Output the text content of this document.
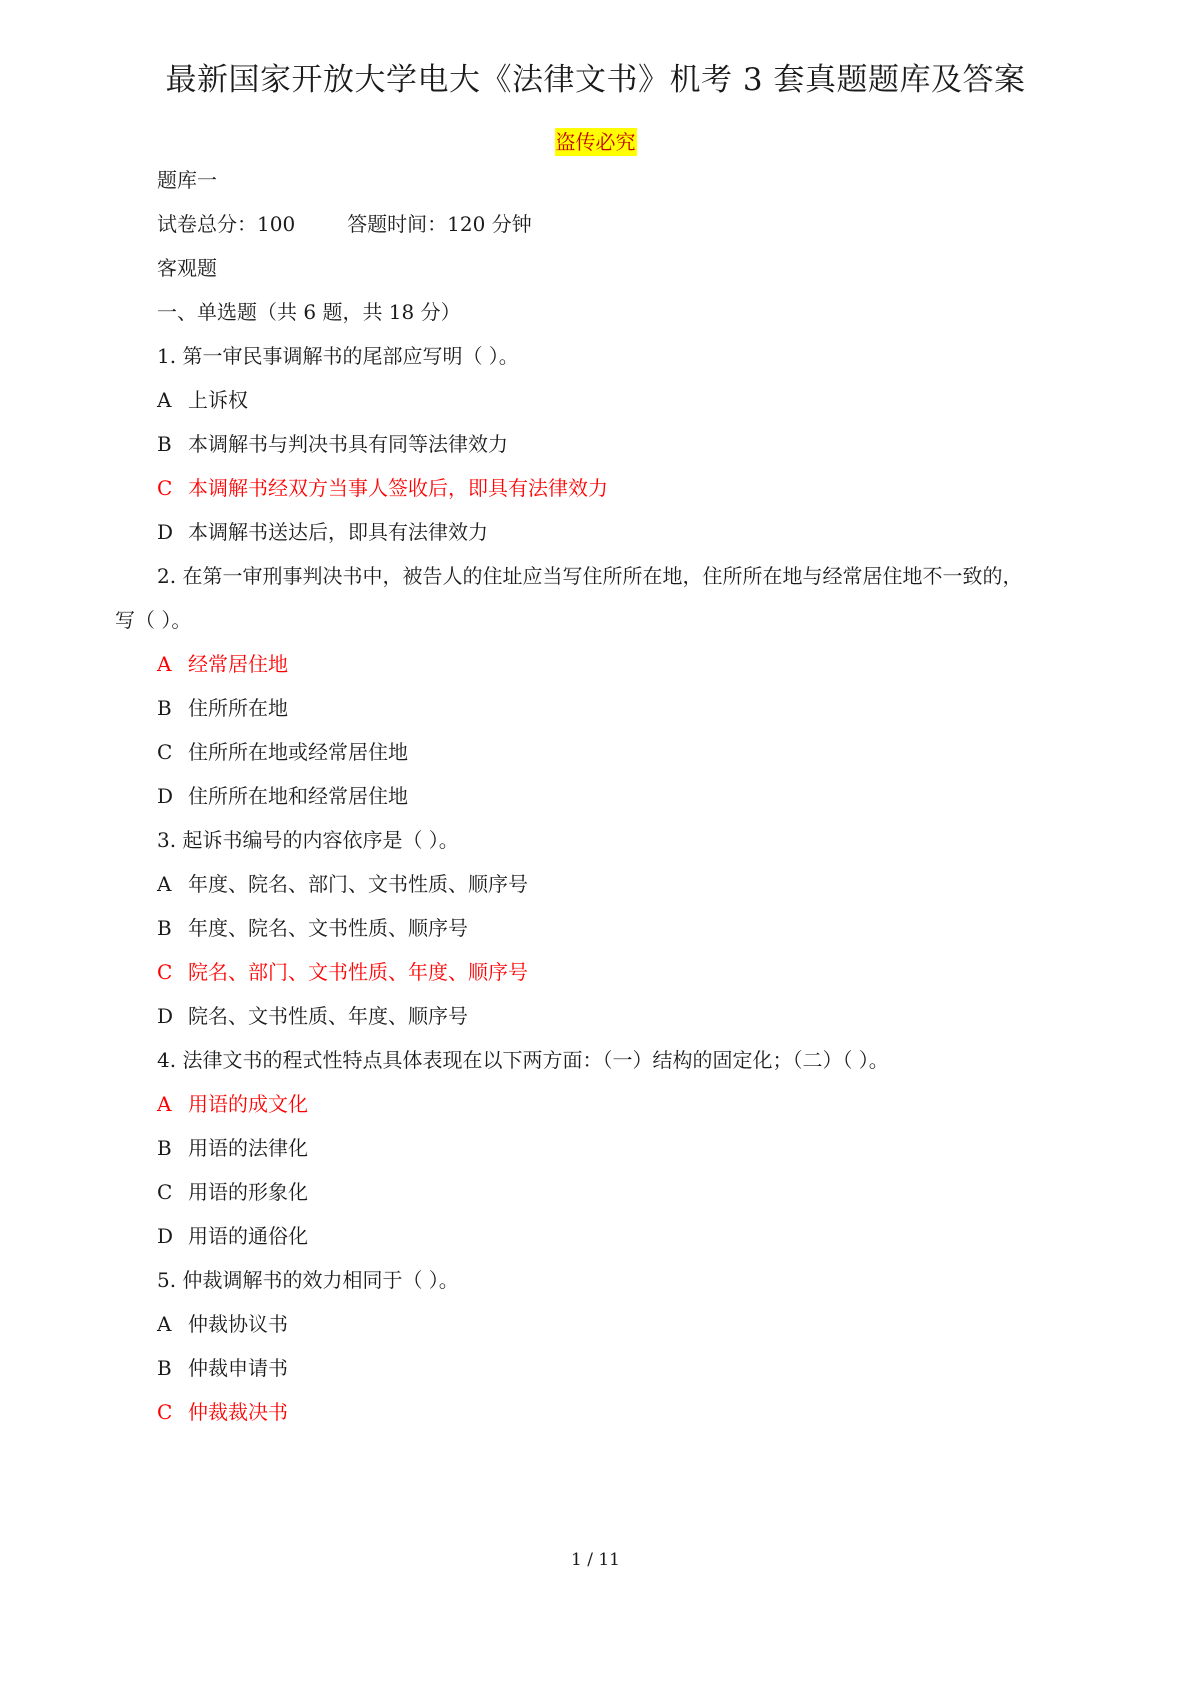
最新国家开放大学电大《法律文书》机考 3 套真题题库及答案
盗传必究
题库一
试卷总分：100	答题时间：120 分钟
客观题
一、单选题（共 6 题，共 18 分）
1. 第一审民事调解书的尾部应写明（ ）。
A 上诉权
B 本调解书与判决书具有同等法律效力
C 本调解书经双方当事人签收后，即具有法律效力
D 本调解书送达后，即具有法律效力
2. 在第一审刑事判决书中，被告人的住址应当写住所所在地，住所所在地与经常居住地不一致的，
写（ ）。
A 经常居住地
B 住所所在地
C 住所所在地或经常居住地
D 住所所在地和经常居住地
3. 起诉书编号的内容依序是（ ）。
A 年度、院名、部门、文书性质、顺序号
B 年度、院名、文书性质、顺序号
C 院名、部门、文书性质、年度、顺序号
D 院名、文书性质、年度、顺序号
4. 法律文书的程式性特点具体表现在以下两方面：（一）结构的固定化；（二）（ ）。
A 用语的成文化
B 用语的法律化
C 用语的形象化
D 用语的通俗化
5. 仲裁调解书的效力相同于（ ）。
A 仲裁协议书
B 仲裁申请书
C 仲裁裁决书
1 / 11
